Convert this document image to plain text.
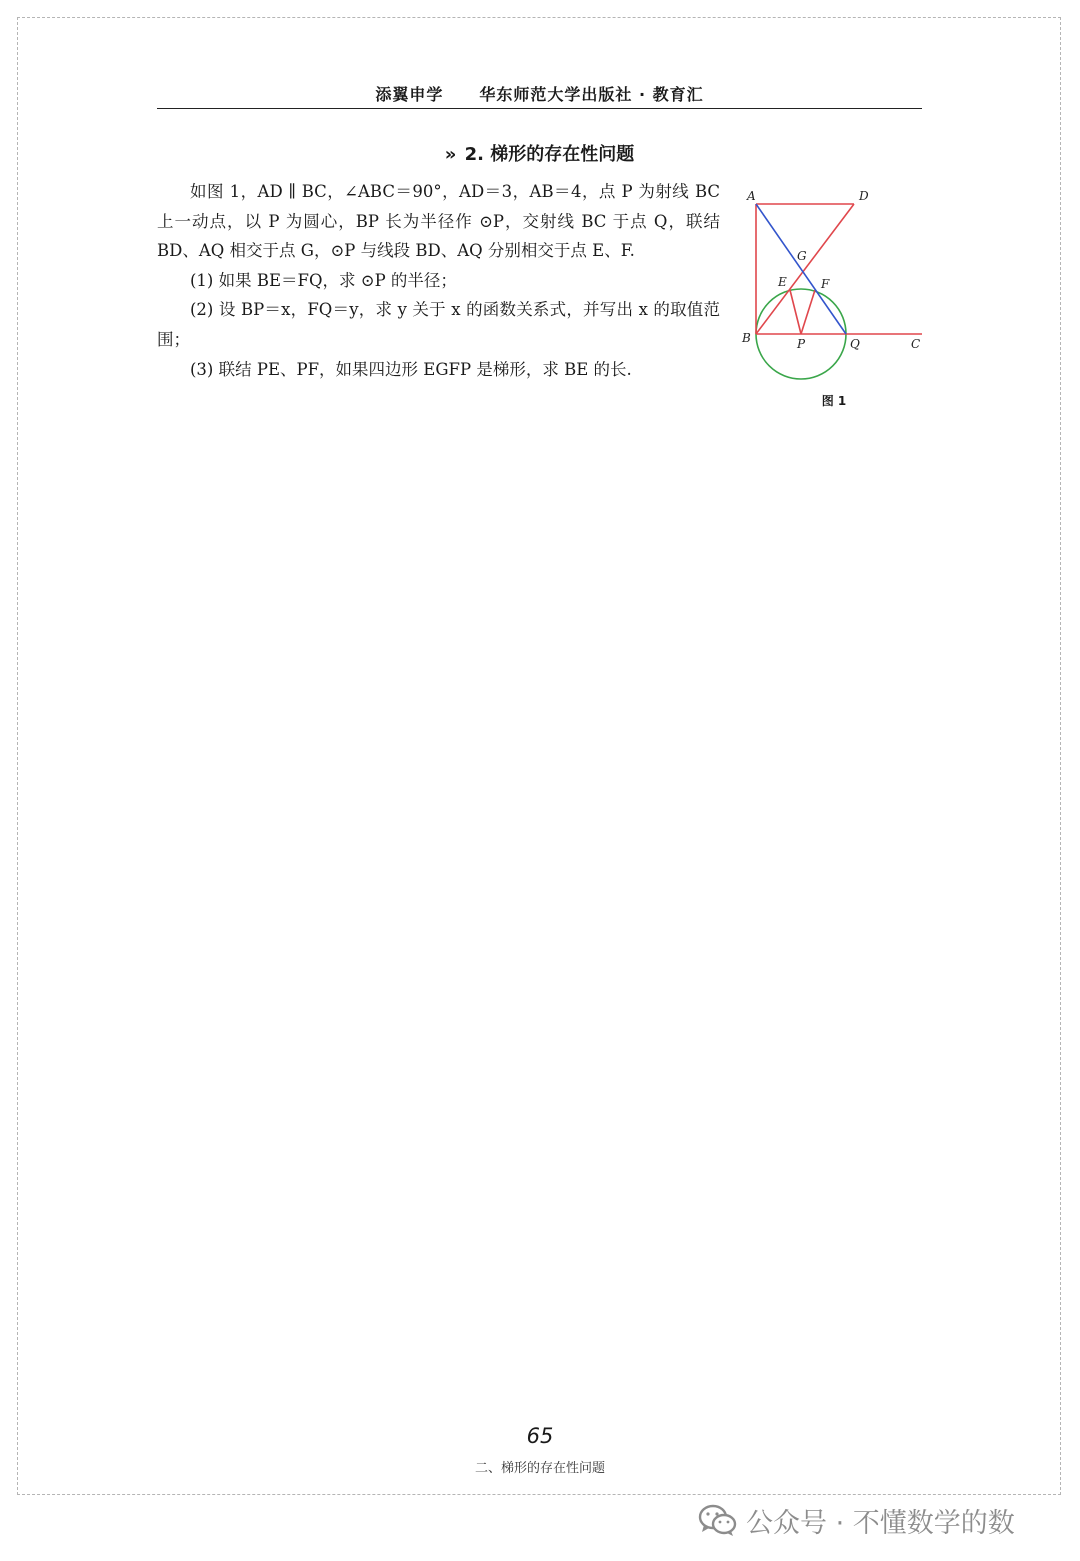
添翼申学 华东师范大学出版社 · 教育汇
» 2. 梯形的存在性问题

如图 1，AD ∥ BC，∠ABC＝90°，AD＝3，AB＝4，点 P 为射线 BC 上一动点，以 P 为圆心，BP 长为半径作 ⊙P，交射线 BC 于点 Q，联结 BD、AQ 相交于点 G，⊙P 与线段 BD、AQ 分别相交于点 E、F.

(1) 如果 BE＝FQ，求 ⊙P 的半径；

(2) 设 BP＝x，FQ＝y，求 y 关于 x 的函数关系式，并写出 x 的取值范围；

(3) 联结 PE、PF，如果四边形 EGFP 是梯形，求 BE 的长.

A	D
G
E	F
B	P	Q	C
图 1
65
二、梯形的存在性问题
公众号 · 不懂数学的数
